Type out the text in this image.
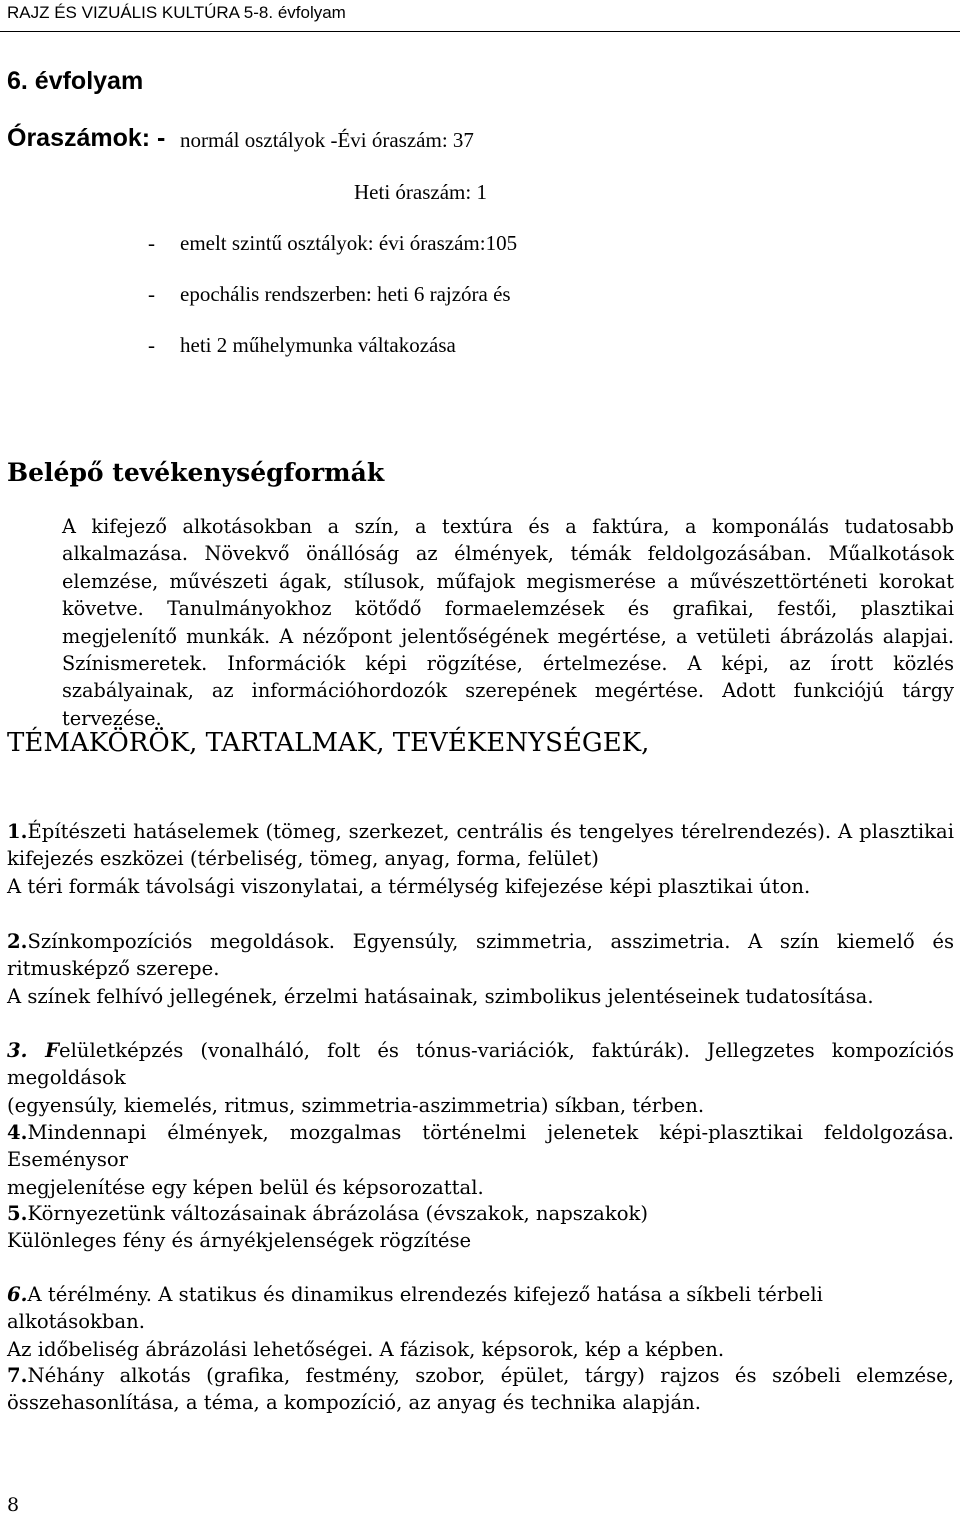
RAJZ ÉS VIZUÁLIS KULTÚRA 5-8. évfolyam
6. évfolyam
Óraszámok: - normál osztályok -Évi óraszám: 37
Heti óraszám: 1
- emelt szintű osztályok: évi óraszám:105
- epochális rendszerben: heti 6 rajzóra és
- heti 2 műhelymunka váltakozása
Belépő tevékenységformák

A kifejező alkotásokban a szín, a textúra és a faktúra, a komponálás tudatosabb alkalmazása. Növekvő önállóság az élmények, témák feldolgozásában. Műalkotások elemzése, művészeti ágak, stílusok, műfajok megismerése a művészettörténeti korokat követve. Tanulmányokhoz kötődő formaelemzések és grafikai, festői, plasztikai megjelenítő munkák. A nézőpont jelentőségének megértése, a vetületi ábrázolás alapjai. Színismeretek. Információk képi rögzítése, értelmezése. A képi, az írott közlés szabályainak, az információhordozók szerepének megértése. Adott funkciójú tárgy tervezése.

TÉMAKÖRÖK, TARTALMAK, TEVÉKENYSÉGEK,
1.Építészeti hatáselemek (tömeg, szerkezet, centrális és tengelyes térelrendezés). A plasztikai
kifejezés eszközei (térbeliség, tömeg, anyag, forma, felület)
A téri formák távolsági viszonylatai, a térmélység kifejezése képi plasztikai úton.
2.Színkompozíciós megoldások. Egyensúly, szimmetria, asszimetria. A szín kiemelő és
ritmusképző szerepe.
A színek felhívó jellegének, érzelmi hatásainak, szimbolikus jelentéseinek tudatosítása.
3. Felületképzés (vonalháló, folt és tónus-variációk, faktúrák). Jellegzetes kompozíciós megoldások
(egyensúly, kiemelés, ritmus, szimmetria-aszimmetria) síkban, térben.
4.Mindennapi élmények, mozgalmas történelmi jelenetek képi-plasztikai feldolgozása. Eseménysor
megjelenítése egy képen belül és képsorozattal.
5.Környezetünk változásainak ábrázolása (évszakok, napszakok)
Különleges fény és árnyékjelenségek rögzítése
6.A térélmény. A statikus és dinamikus elrendezés kifejező hatása a síkbeli térbeli alkotásokban.
Az időbeliség ábrázolási lehetőségei. A fázisok, képsorok, kép a képben.
7.Néhány alkotás (grafika, festmény, szobor, épület, tárgy) rajzos és szóbeli elemzése,
összehasonlítása, a téma, a kompozíció, az anyag és technika alapján.
8
